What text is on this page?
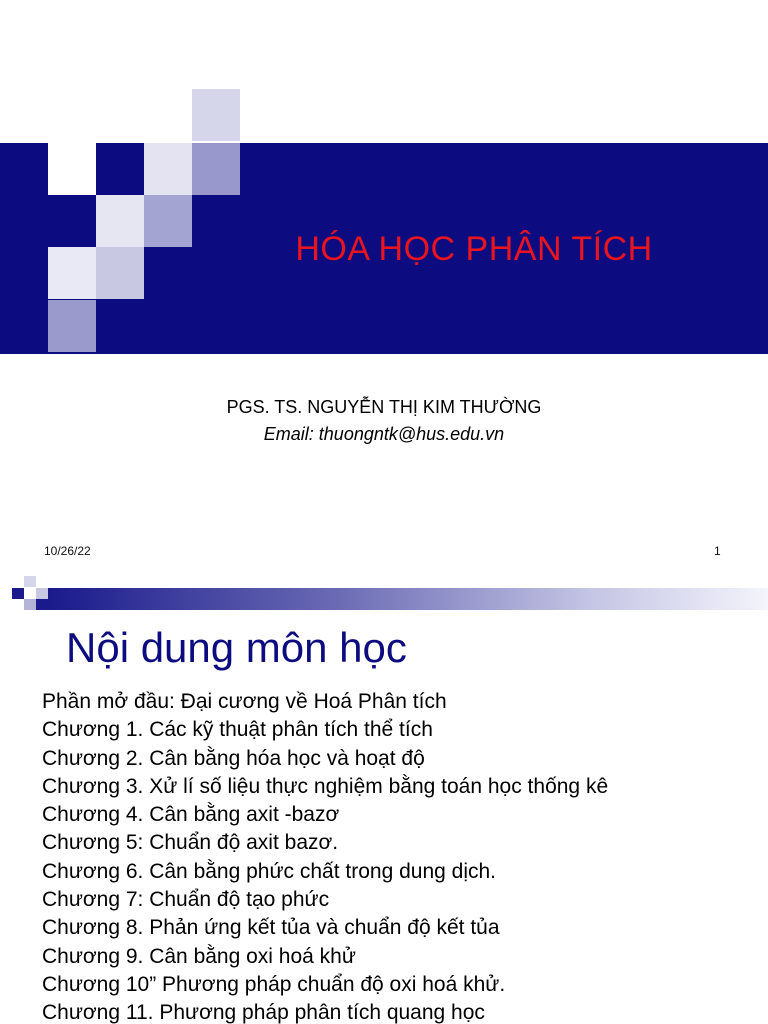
HÓA HỌC PHÂN TÍCH
PGS. TS. NGUYỄN THỊ KIM THƯỜNG
Email: thuongntk@hus.edu.vn
10/26/22	1
Nội dung môn học
Phần mở đầu: Đại cương về Hoá Phân tích
Chương 1. Các kỹ thuật phân tích thể tích
Chương 2. Cân bằng hóa học và hoạt độ
Chương 3. Xử lí số liệu thực nghiệm bằng toán học thống kê
Chương 4. Cân bằng axit -bazơ
Chương 5: Chuẩn độ axit bazơ.
Chương 6. Cân bằng phức chất trong dung dịch.
Chương 7: Chuẩn độ tạo phức
Chương 8. Phản ứng kết tủa và chuẩn độ kết tủa
Chương 9. Cân bằng oxi hoá khử
Chương 10” Phương pháp chuẩn độ oxi hoá khử.
Chương 11. Phương pháp phân tích quang học
